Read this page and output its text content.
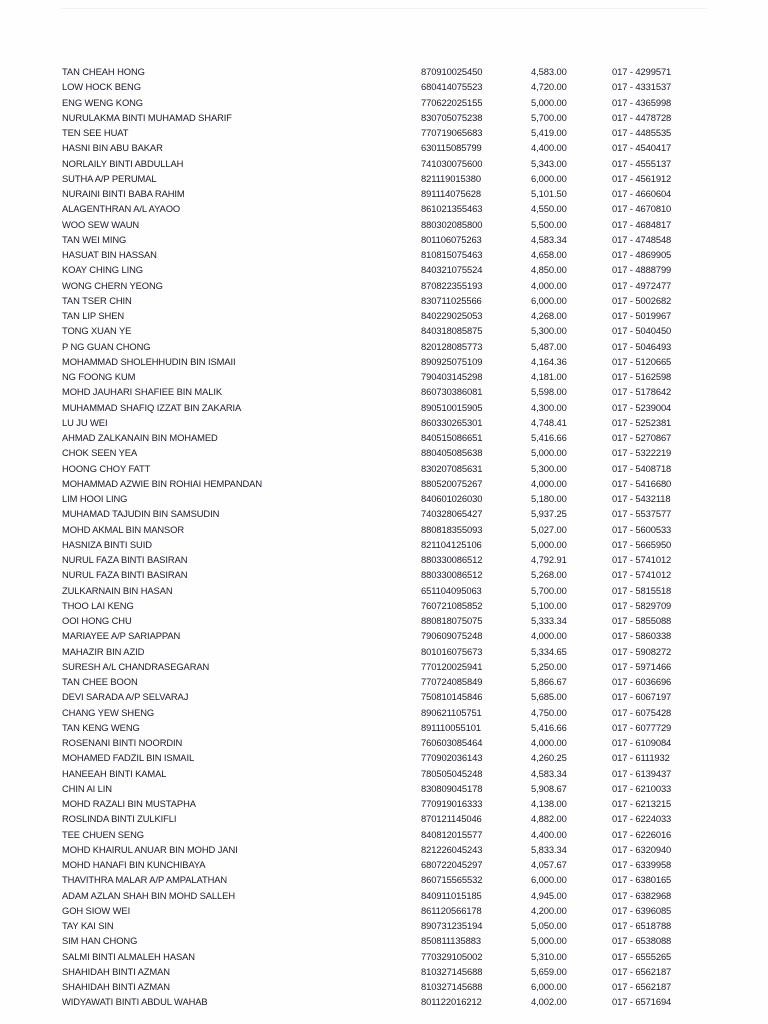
TAN CHEAH HONG	870910025450	4,583.00	017 - 4299571
LOW HOCK BENG	680414075523	4,720.00	017 - 4331537
ENG WENG KONG	770622025155	5,000.00	017 - 4365998
NURULAKMA BINTI MUHAMAD SHARIF	830705075238	5,700.00	017 - 4478728
TEN SEE HUAT	770719065683	5,419.00	017 - 4485535
HASNI BIN ABU BAKAR	630115085799	4,400.00	017 - 4540417
NORLAILY BINTI ABDULLAH	741030075600	5,343.00	017 - 4555137
SUTHA A/P PERUMAL	821119015380	6,000.00	017 - 4561912
NURAINI BINTI BABA RAHIM	891114075628	5,101.50	017 - 4660604
ALAGENTHRAN A/L AYAOO	861021355463	4,550.00	017 - 4670810
WOO SEW WAUN	880302085800	5,500.00	017 - 4684817
TAN WEI MING	801106075263	4,583.34	017 - 4748548
HASUAT BIN HASSAN	810815075463	4,658.00	017 - 4869905
KOAY CHING LING	840321075524	4,850.00	017 - 4888799
WONG CHERN YEONG	870822355193	4,000.00	017 - 4972477
TAN TSER CHIN	830711025566	6,000.00	017 - 5002682
TAN LIP SHEN	840229025053	4,268.00	017 - 5019967
TONG XUAN YE	840318085875	5,300.00	017 - 5040450
P NG GUAN CHONG	820128085773	5,487.00	017 - 5046493
MOHAMMAD SHOLEHHUDIN BIN ISMAII	890925075109	4,164.36	017 - 5120665
NG FOONG KUM	790403145298	4,181.00	017 - 5162598
MOHD JAUHARI SHAFIEE BIN MALIK	860730386081	5,598.00	017 - 5178642
MUHAMMAD SHAFIQ IZZAT BIN ZAKARIA	890510015905	4,300.00	017 - 5239004
LU JU WEI	860330265301	4,748.41	017 - 5252381
AHMAD ZALKANAIN BIN MOHAMED	840515086651	5,416.66	017 - 5270867
CHOK SEEN YEA	880405085638	5,000.00	017 - 5322219
HOONG CHOY FATT	830207085631	5,300.00	017 - 5408718
MOHAMMAD AZWIE BIN ROHIAI HEMPANDAN	880520075267	4,000.00	017 - 5416680
LIM HOOI LING	840601026030	5,180.00	017 - 5432118
MUHAMAD TAJUDIN BIN SAMSUDIN	740328065427	5,937.25	017 - 5537577
MOHD AKMAL BIN MANSOR	880818355093	5,027.00	017 - 5600533
HASNIZA BINTI SUID	821104125106	5,000.00	017 - 5665950
NURUL FAZA BINTI BASIRAN	880330086512	4,792.91	017 - 5741012
NURUL FAZA BINTI BASIRAN	880330086512	5,268.00	017 - 5741012
ZULKARNAIN BIN HASAN	651104095063	5,700.00	017 - 5815518
THOO LAI KENG	760721085852	5,100.00	017 - 5829709
OOI HONG CHU	880818075075	5,333.34	017 - 5855088
MARIAYEE A/P SARIAPPAN	790609075248	4,000.00	017 - 5860338
MAHAZIR BIN AZID	801016075673	5,334.65	017 - 5908272
SURESH A/L CHANDRASEGARAN	770120025941	5,250.00	017 - 5971466
TAN CHEE BOON	770724085849	5,866.67	017 - 6036696
DEVI SARADA A/P SELVARAJ	750810145846	5,685.00	017 - 6067197
CHANG YEW SHENG	890621105751	4,750.00	017 - 6075428
TAN KENG WENG	891110055101	5,416.66	017 - 6077729
ROSENANI BINTI NOORDIN	760603085464	4,000.00	017 - 6109084
MOHAMED FADZIL BIN ISMAIL	770902036143	4,260.25	017 - 6111932
HANEEAH BINTI KAMAL	780505045248	4,583.34	017 - 6139437
CHIN AI LIN	830809045178	5,908.67	017 - 6210033
MOHD RAZALI BIN MUSTAPHA	770919016333	4,138.00	017 - 6213215
ROSLINDA BINTI ZULKIFLI	870121145046	4,882.00	017 - 6224033
TEE CHUEN SENG	840812015577	4,400.00	017 - 6226016
MOHD KHAIRUL ANUAR BIN MOHD JANI	821226045243	5,833.34	017 - 6320940
MOHD HANAFI BIN KUNCHIBAYA	680722045297	4,057.67	017 - 6339958
THAVITHRA MALAR A/P AMPALATHAN	860715565532	6,000.00	017 - 6380165
ADAM AZLAN SHAH BIN MOHD SALLEH	840911015185	4,945.00	017 - 6382968
GOH SIOW WEI	861120566178	4,200.00	017 - 6396085
TAY KAI SIN	890731235194	5,050.00	017 - 6518788
SIM HAN CHONG	850811135883	5,000.00	017 - 6538088
SALMI BINTI ALMALEH HASAN	770329105002	5,310.00	017 - 6555265
SHAHIDAH BINTI AZMAN	810327145688	5,659.00	017 - 6562187
SHAHIDAH BINTI AZMAN	810327145688	6,000.00	017 - 6562187
WIDYAWATI BINTI ABDUL WAHAB	801122016212	4,002.00	017 - 6571694
